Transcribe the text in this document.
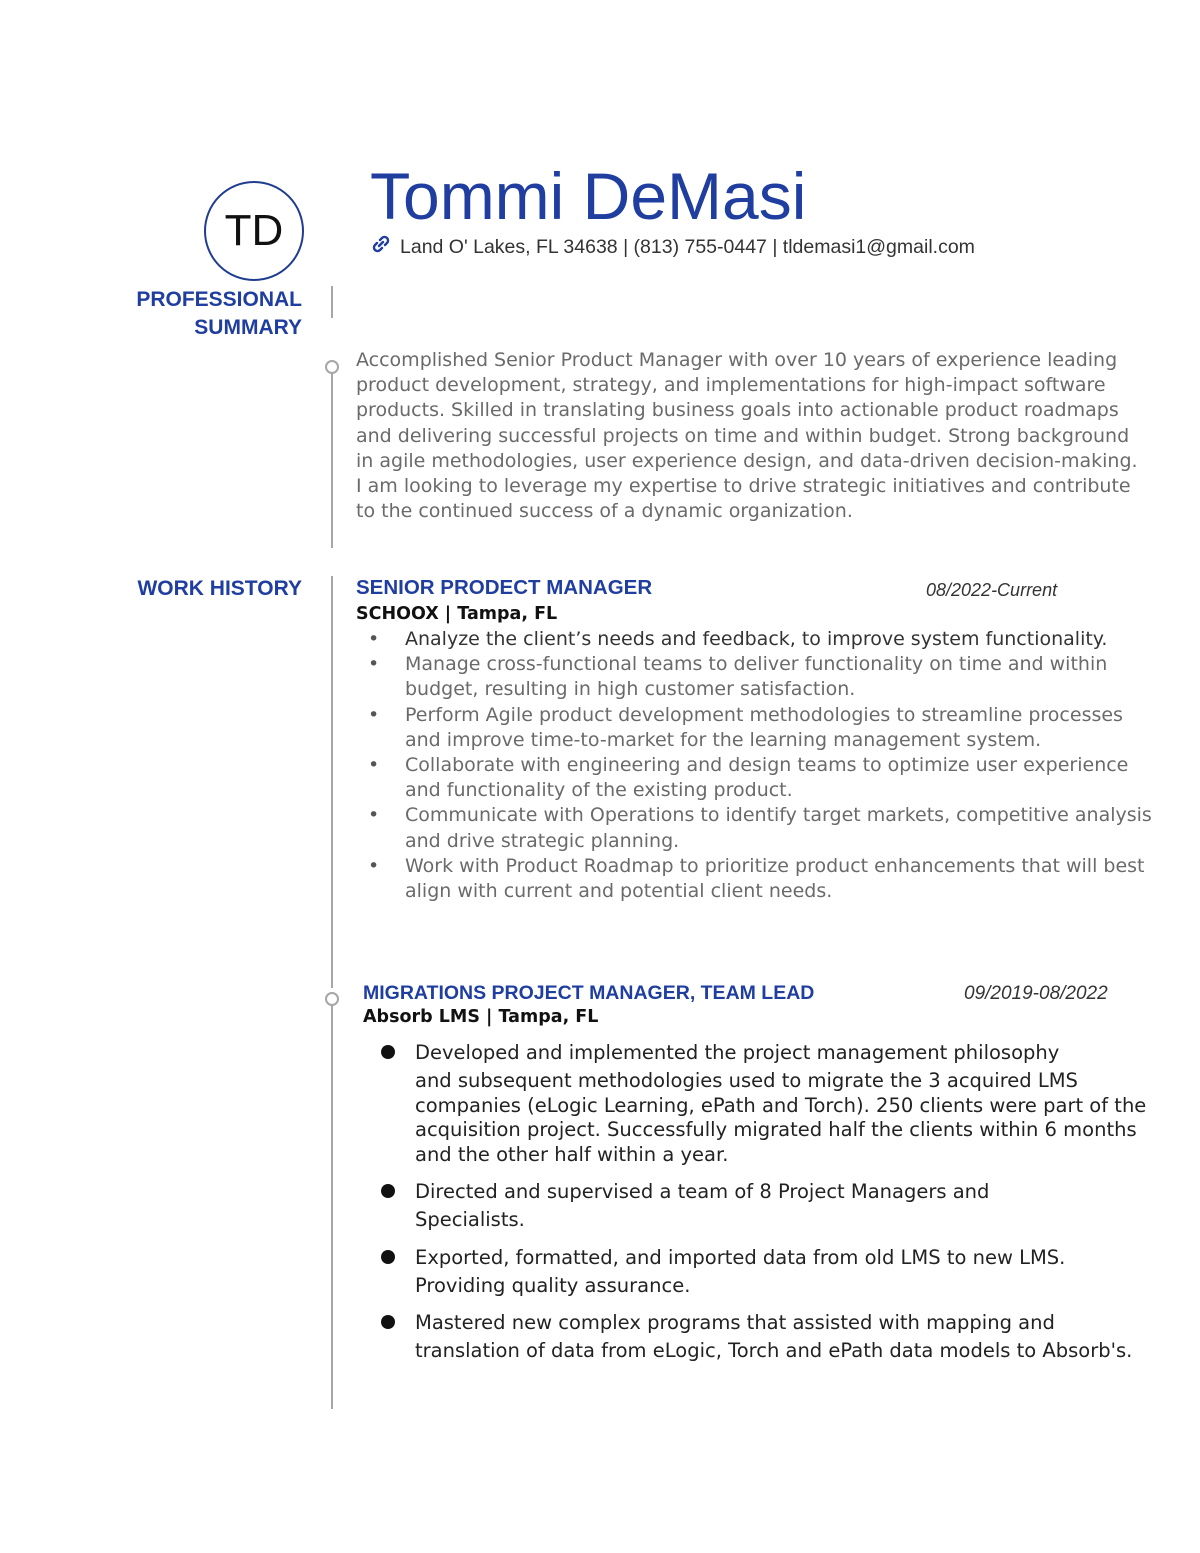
TD Tommi DeMasi
Land O' Lakes, FL 34638 | (813) 755-0447 | tldemasi1@gmail.com
PROFESSIONAL
SUMMARY
WORK HISTORY
Accomplished Senior Product Manager with over 10 years of experience leading product development, strategy, and implementations for high-impact software products. Skilled in translating business goals into actionable product roadmaps and delivering successful projects on time and within budget. Strong background in agile methodologies, user experience design, and data-driven decision-making. I am looking to leverage my expertise to drive strategic initiatives and contribute to the continued success of a dynamic organization.
SENIOR PRODECT MANAGER	08/2022-Current
SCHOOX | Tampa, FL
• Analyze the client’s needs and feedback, to improve system functionality.
• Manage cross-functional teams to deliver functionality on time and within budget, resulting in high customer satisfaction.
• Perform Agile product development methodologies to streamline processes and improve time-to-market for the learning management system.
• Collaborate with engineering and design teams to optimize user experience and functionality of the existing product.
• Communicate with Operations to identify target markets, competitive analysis and drive strategic planning.
• Work with Product Roadmap to prioritize product enhancements that will best align with current and potential client needs.
MIGRATIONS PROJECT MANAGER, TEAM LEAD	09/2019-08/2022
Absorb LMS | Tampa, FL
Developed and implemented the project management philosophy
and subsequent methodologies used to migrate the 3 acquired LMS companies (eLogic Learning, ePath and Torch). 250 clients were part of the acquisition project. Successfully migrated half the clients within 6 months and the other half within a year.
Directed and supervised a team of 8 Project Managers and
Specialists.
Exported, formatted, and imported data from old LMS to new LMS.
Providing quality assurance.
Mastered new complex programs that assisted with mapping and
translation of data from eLogic, Torch and ePath data models to Absorb's.
